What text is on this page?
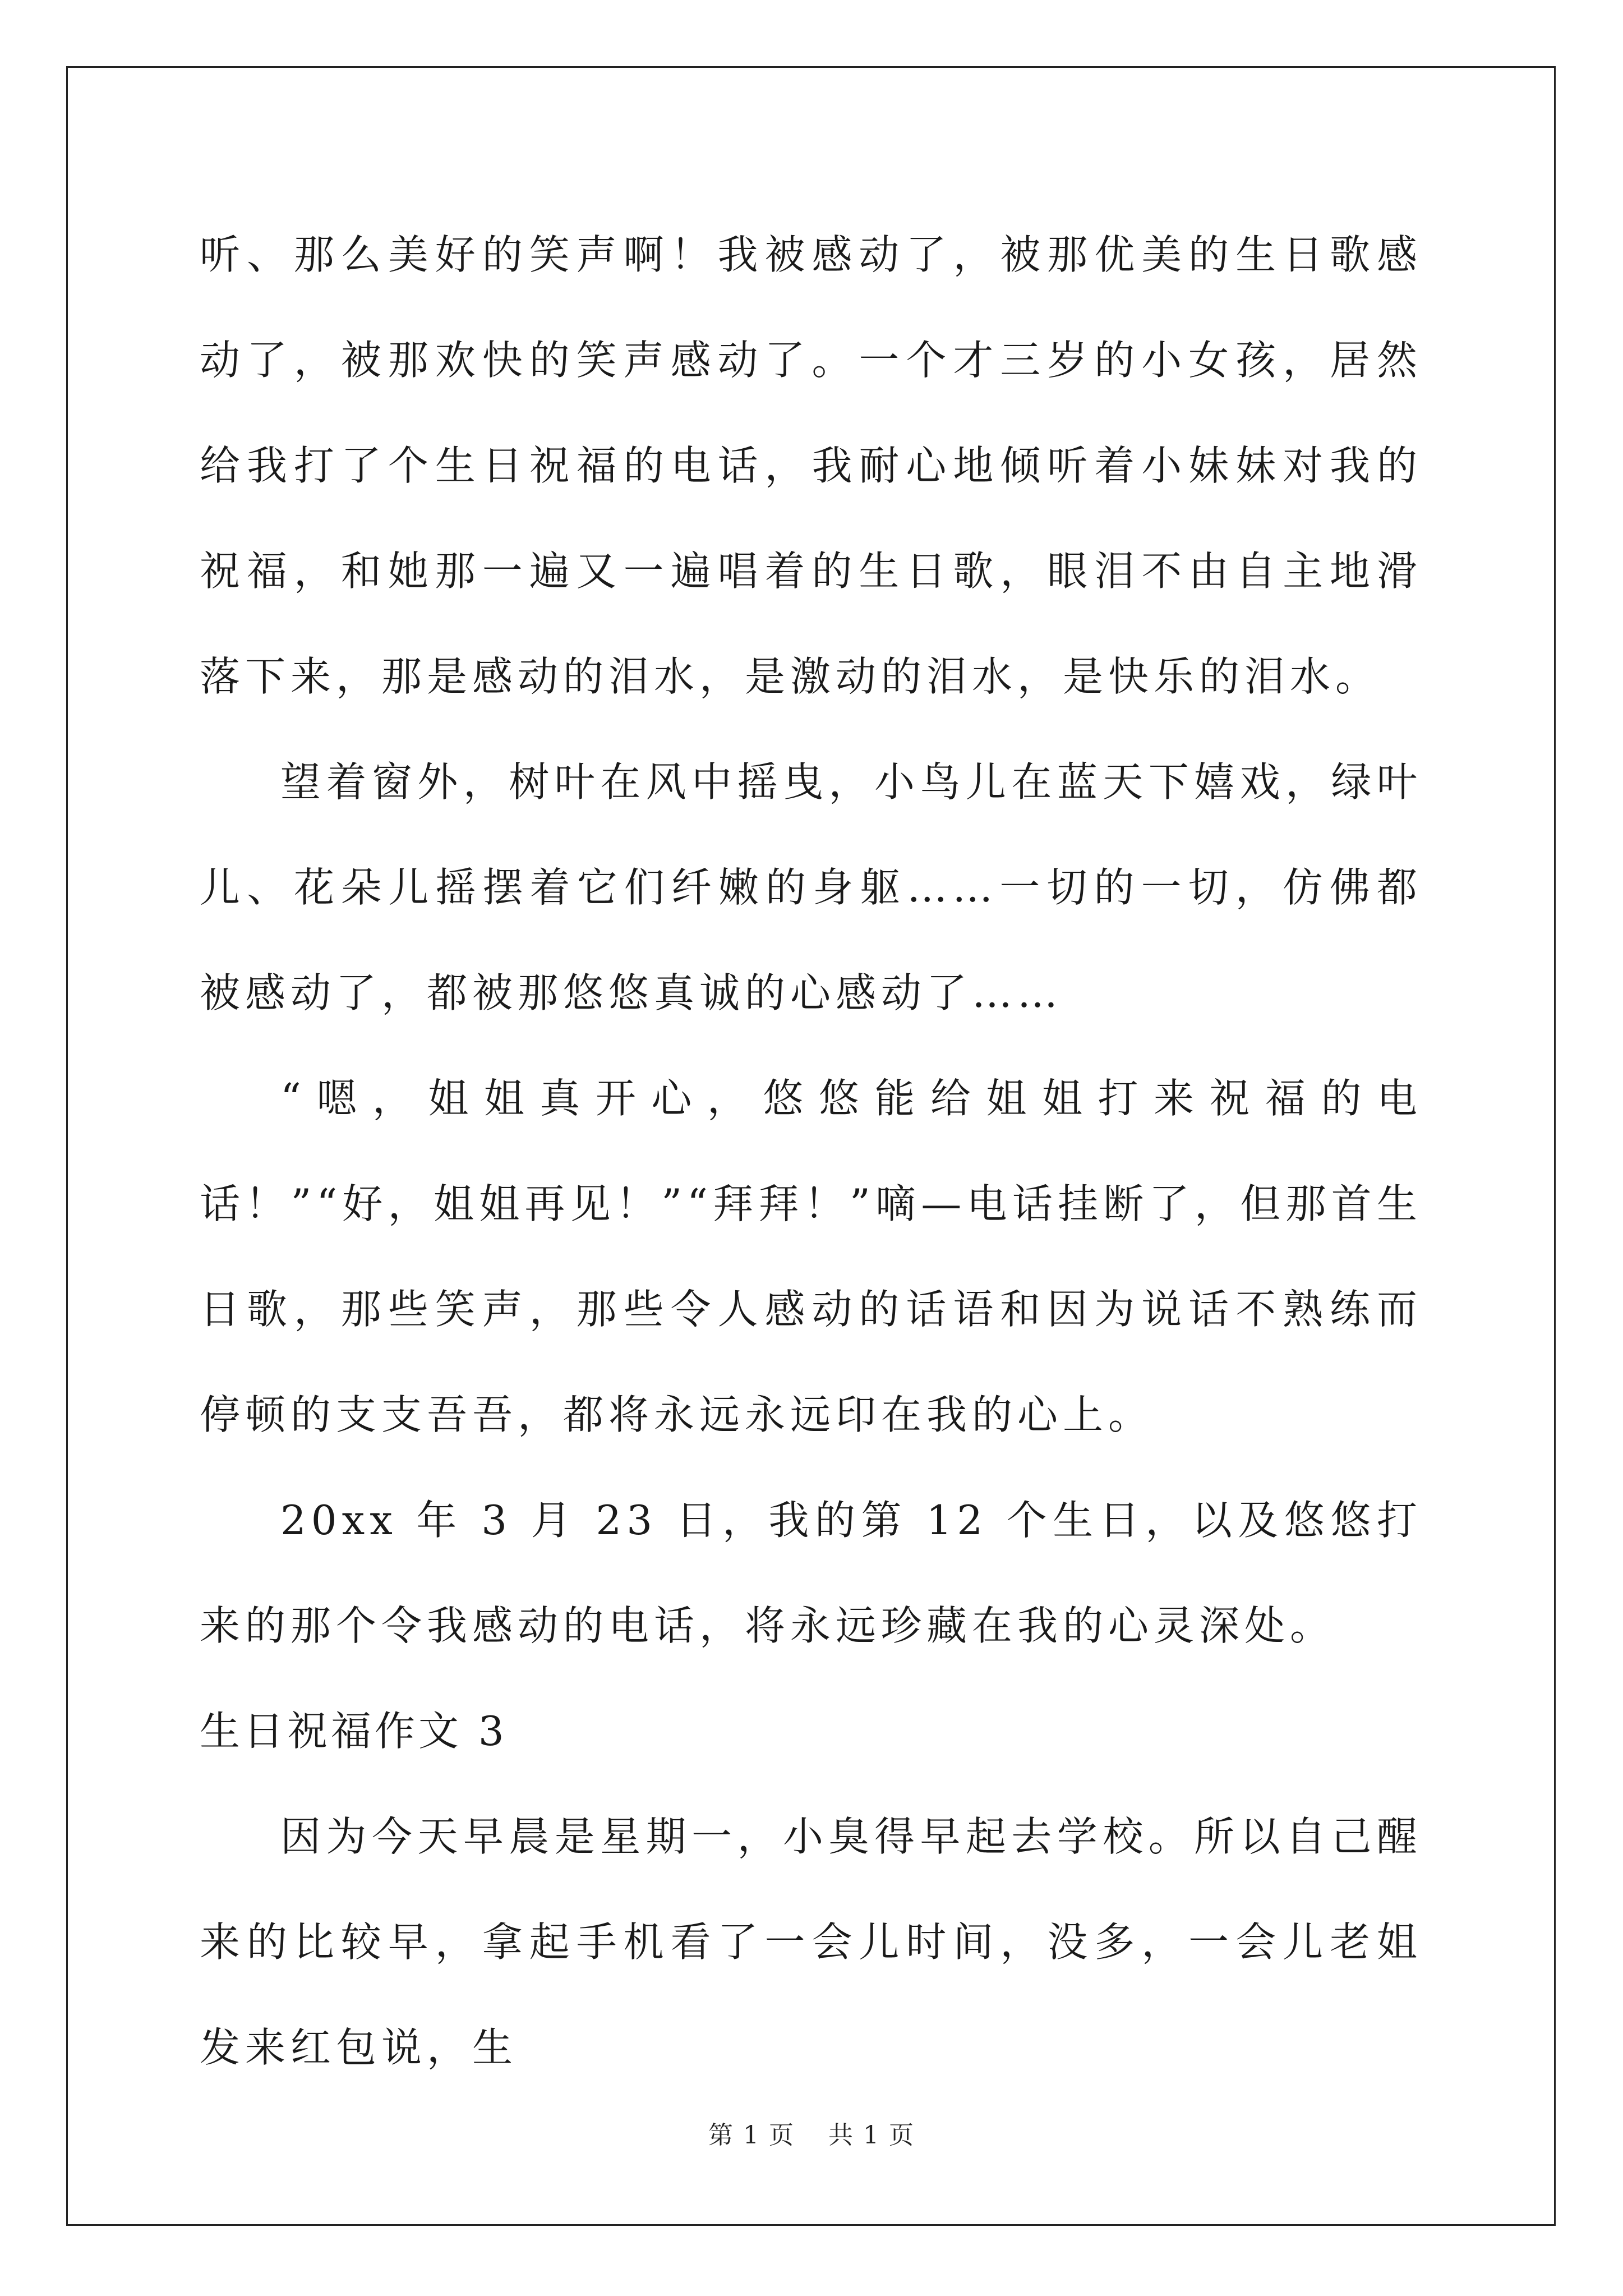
听、那么美好的笑声啊！我被感动了，被那优美的生日歌感动了，被那欢快的笑声感动了。一个才三岁的小女孩，居然给我打了个生日祝福的电话，我耐心地倾听着小妹妹对我的祝福，和她那一遍又一遍唱着的生日歌，眼泪不由自主地滑落下来，那是感动的泪水，是激动的泪水，是快乐的泪水。

望着窗外，树叶在风中摇曳，小鸟儿在蓝天下嬉戏，绿叶儿、花朵儿摇摆着它们纤嫩的身躯……一切的一切，仿佛都被感动了，都被那悠悠真诚的心感动了……

“嗯，姐姐真开心，悠悠能给姐姐打来祝福的电话！”“好，姐姐再见！”“拜拜！”嘀—电话挂断了，但那首生日歌，那些笑声，那些令人感动的话语和因为说话不熟练而停顿的支支吾吾，都将永远永远印在我的心上。

20xx 年 3 月 23 日，我的第 12 个生日，以及悠悠打来的那个令我感动的电话，将永远珍藏在我的心灵深处。

生日祝福作文 3

因为今天早晨是星期一，小臭得早起去学校。所以自己醒来的比较早，拿起手机看了一会儿时间，没多，一会儿老姐发来红包说，生

第 1 页 共 1 页
